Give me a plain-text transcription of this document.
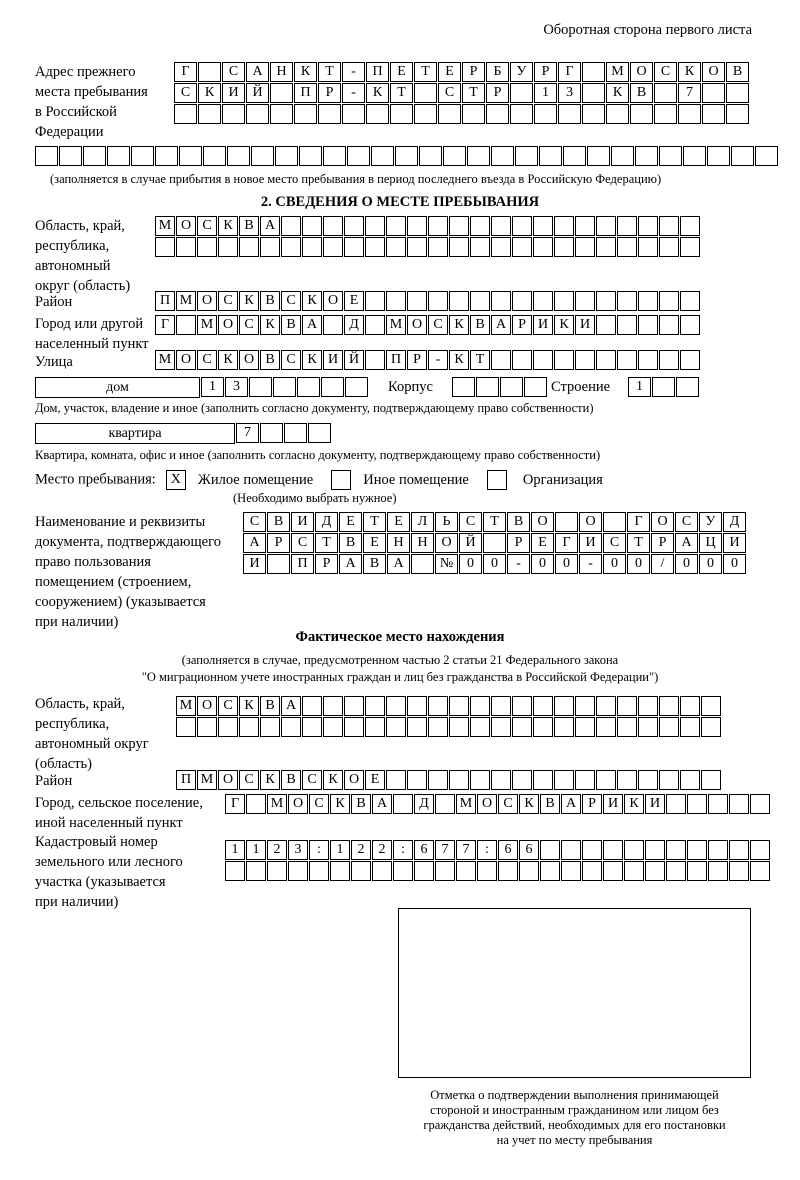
Оборотная сторона первого листа
Адрес прежнего
места пребывания
в Российской
Федерации
Г	С	А Н	К	Т	-	П	Е	Т	Е	Р	Б	У	Р	Г	М О	С	К	О	В
С	К	И Й	П	Р	-	К	Т	С	Т	Р	1	3	К	В	7
(заполняется в случае прибытия в новое место пребывания в период последнего въезда в Российскую Федерацию)
2. СВЕДЕНИЯ О МЕСТЕ ПРЕБЫВАНИЯ
Область, край,
республика,
автономный
округ (область)
М О С К В А
Район	П М О С К В С К О Е
Город или другой
населенный пункт
Г	М О С К В А	Д	М О С К В А Р И К И
Улица	М О С К О В С К И Й	П Р	-	К Т
дом	1	3	Корпус	Строение	1
Дом, участок, владение и иное (заполнить согласно документу, подтверждающему право собственности)
квартира	7
Квартира, комната, офис и иное (заполнить согласно документу, подтверждающему право собственности)
Место пребывания: X Жилое помещение	Иное помещение	Организация
(Необходимо выбрать нужное)
Наименование и реквизиты
документа, подтверждающего
право пользования
помещением (строением,
сооружением) (указывается
при наличии)
С	В	И	Д	Е	Т	Е	Л	Ь	С	Т	В	О	О	Г	О	С	У	Д
А	Р	С	Т	В	Е	Н Н О Й	Р	Е	Г	И	С	Т	Р	А Ц И
И	П	Р	А	В	А	№ 0	0	-	0	0	-	0	0	/	0	0	0
Фактическое место нахождения
(заполняется в случае, предусмотренном частью 2 статьи 21 Федерального закона
"О миграционном учете иностранных граждан и лиц без гражданства в Российской Федерации")
Область, край,
республика,
автономный округ
(область)
М О С К В А
Район	П М О С К В С К О Е
Город, сельское поселение,
иной населенный пункт
Г	М О С К В А	Д	М О С К В А Р И К И
Кадастровый номер
земельного или лесного
участка (указывается
при наличии)
1	1	2	3	:	1	2	2	:	6	7	7	:	6	6
Отметка о подтверждении выполнения принимающей
стороной и иностранным гражданином или лицом без
гражданства действий, необходимых для его постановки
на учет по месту пребывания
